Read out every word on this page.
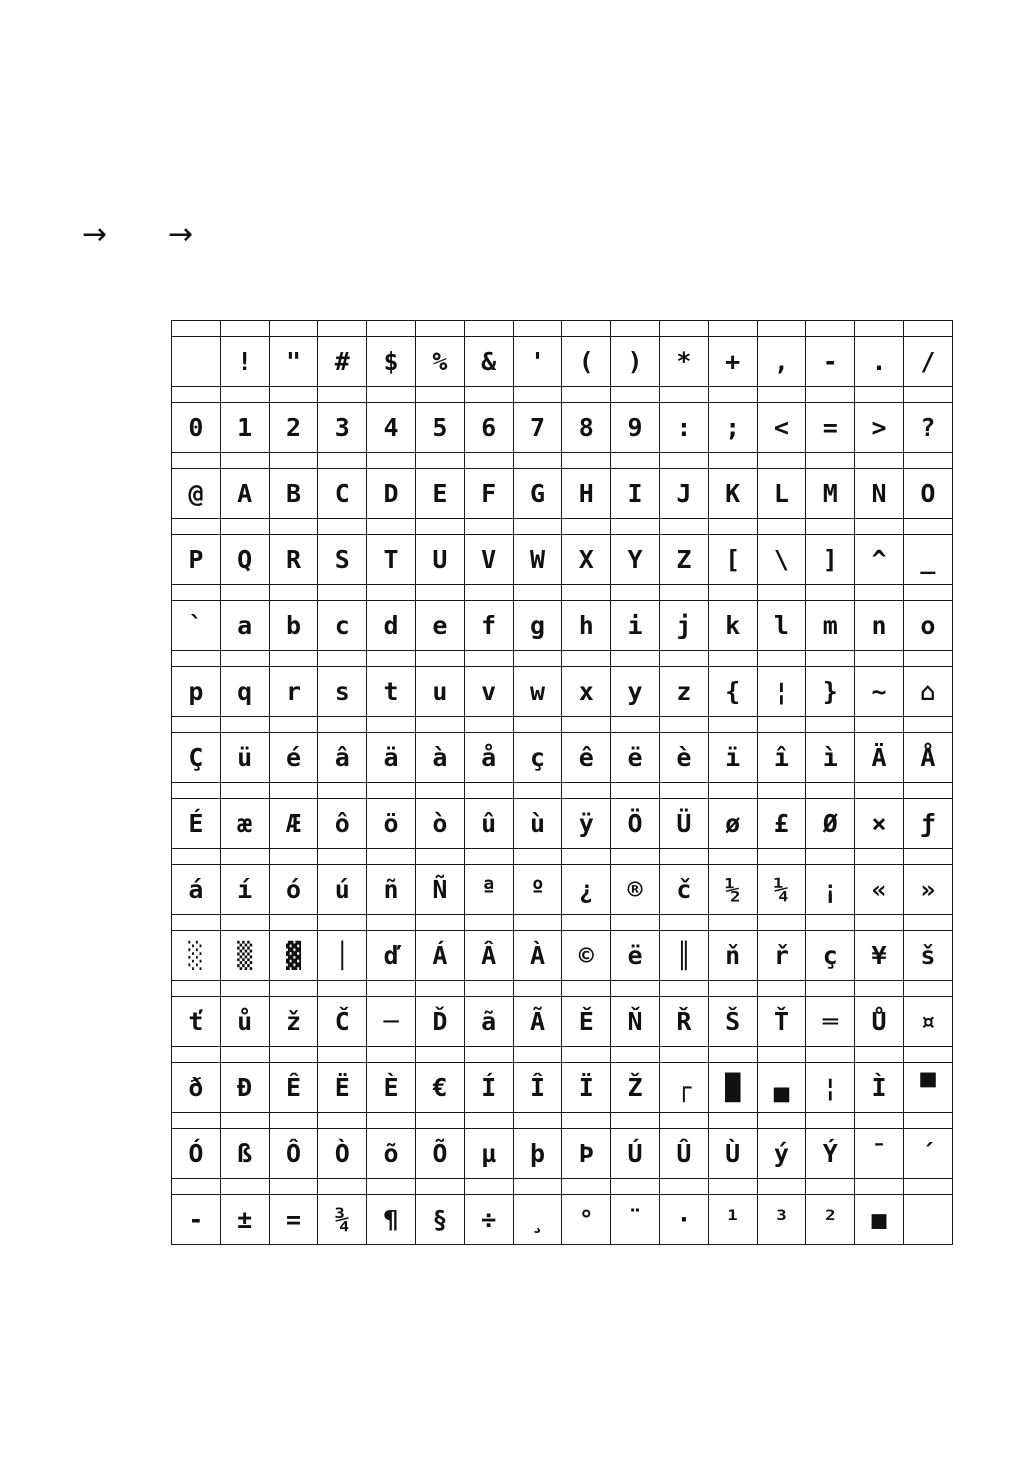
→ →

	!	"	#	$	%	&	'	(	)	*	+	,	-	.	/

0	1	2	3	4	5	6	7	8	9	:	;	<	=	>	?

@	A	B	C	D	E	F	G	H	I	J	K	L	M	N	O

P	Q	R	S	T	U	V	W	X	Y	Z	[	\	]	^	_

`	a	b	c	d	e	f	g	h	i	j	k	l	m	n	o

p	q	r	s	t	u	v	w	x	y	z	{	¦	}	~	⌂

Ç	ü	é	â	ä	à	å	ç	ê	ë	è	ï	î	ì	Ä	Å

É	æ	Æ	ô	ö	ò	û	ù	ÿ	Ö	Ü	ø	£	Ø	×	ƒ

á	í	ó	ú	ñ	Ñ	ª	º	¿	®	č	½	¼	¡	«	»

░	▒	▓	│	ď	Á	Â	À	©	ë	║	ň	ř	ç	¥	š

ť	ů	ž	Č	─	Ď	ã	Ã	Ě	Ň	Ř	Š	Ť	═	Ů	¤

ð	Đ	Ê	Ë	È	€	Í	Î	Ï	Ž	┌	█	▄	¦	Ì	▀

Ó	ß	Ô	Ò	õ	Õ	µ	þ	Þ	Ú	Û	Ù	ý	Ý	¯	´

-	±	=	¾	¶	§	÷	¸	°	¨	·	¹	³	²	■	
